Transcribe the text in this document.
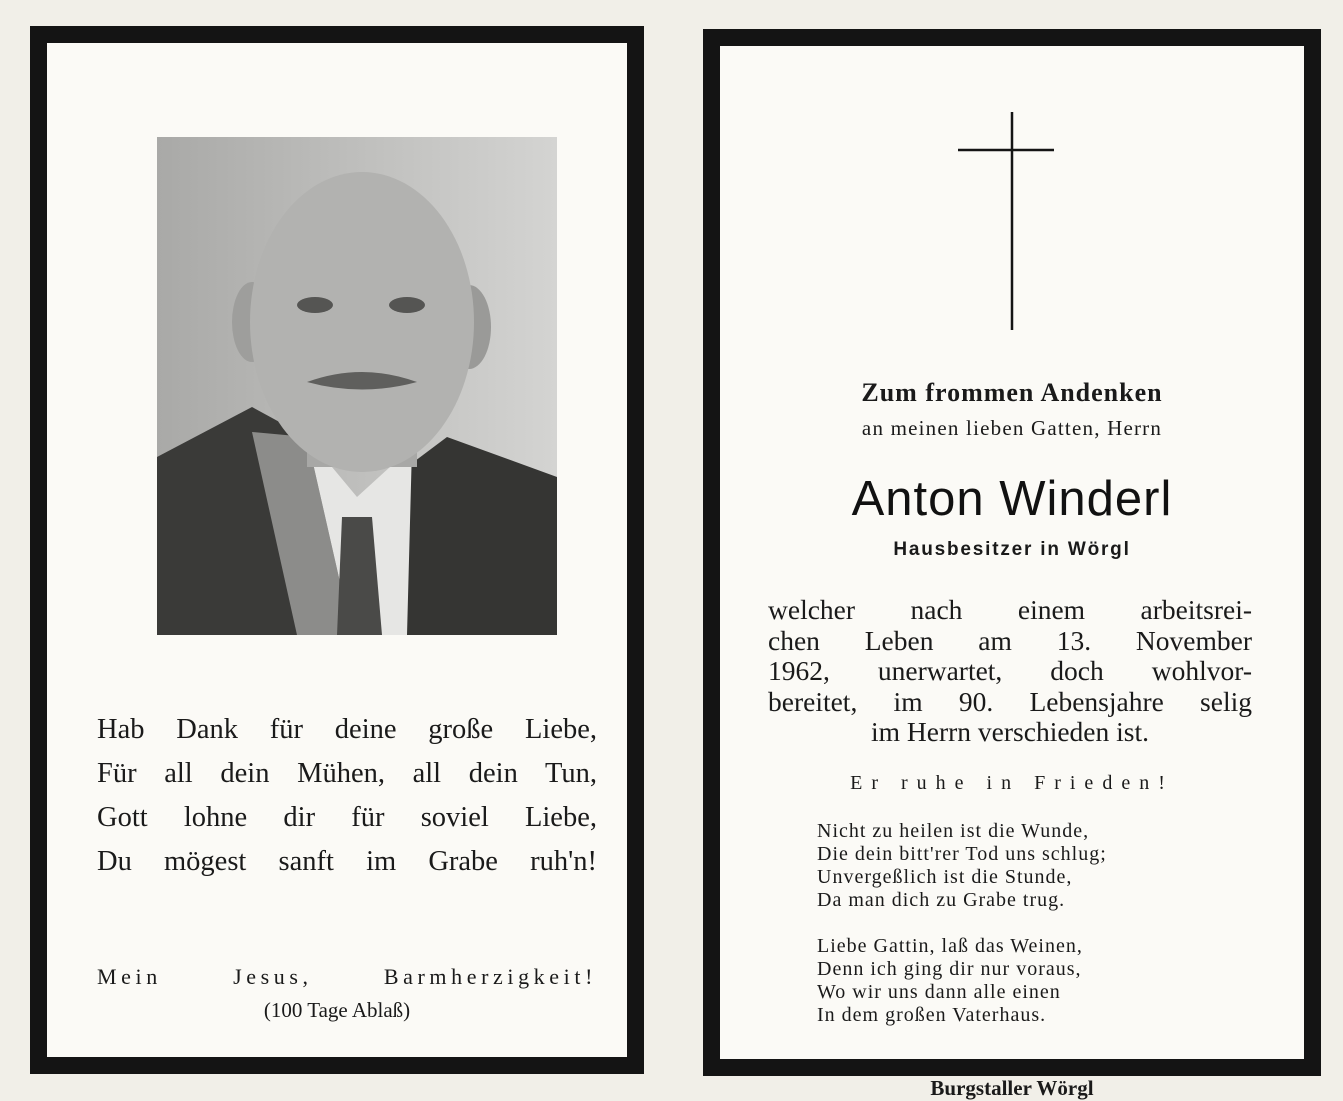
Hab Dank für deine große Liebe,
Für all dein Mühen, all dein Tun,
Gott lohne dir für soviel Liebe,
Du mögest sanft im Grabe ruh'n!
Mein Jesus, Barmherzigkeit!
(100 Tage Ablaß)
Zum frommen Andenken
an meinen lieben Gatten, Herrn
Anton Winderl
Hausbesitzer in Wörgl
welcher nach einem arbeitsrei-
chen Leben am 13. November
1962, unerwartet, doch wohlvor-
bereitet, im 90. Lebensjahre selig
im Herrn verschieden ist.
Er ruhe in Frieden!
Nicht zu heilen ist die Wunde,
Die dein bitt'rer Tod uns schlug;
Unvergeßlich ist die Stunde,
Da man dich zu Grabe trug.
Liebe Gattin, laß das Weinen,
Denn ich ging dir nur voraus,
Wo wir uns dann alle einen
In dem großen Vaterhaus.
Burgstaller Wörgl
